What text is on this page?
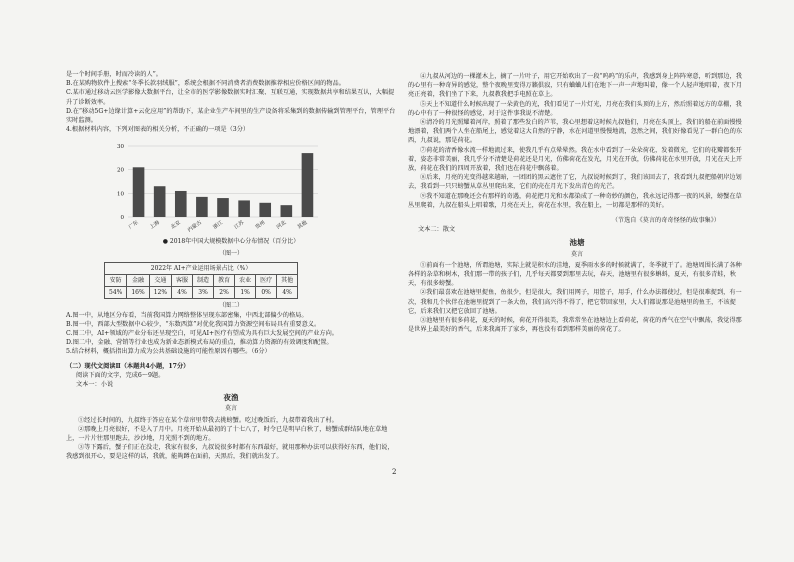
是一个时间手册，时而冷读的人”。

B.在某购物软件上搜索“冬季长款羽绒服”，系统会根据不同消费者消费数据推荐相应价格区间的物品。

C.某市通过移动云医学影像大数据平台，让全市的医学影像数据实时汇聚、互联互通，实现数据共享和结果互认，大幅提升了诊断效率。

D.在“移动5G+边缘计算+云化应用”的帮助下，某企业生产车间里的生产设备将采集到的数据传输到管理平台，管理平台实时监测。

4.根据材料内容，下列对图表的相关分析，不正确的一项是（3分）

0
10
20
30
广东 上海 北京 内蒙古 浙江 江苏 贵州 河北 其他

● 2018年中国大规模数据中心分布情况（百分比）

（图一）

2022年 AI+产业运用场景占比（%）								
安防	金融	交通	客服	制造	教育	农业	医疗	其他
54%	16%	12%	4%	3%	2%	1%	0%	4%

（图二）

A.图一中，从地区分布看，当前我国算力网络整体呈现东部密集，中西北部偏少的格局。

B.图一中，西部大型数据中心较少，“东数西算”对优化我国算力资源空间布局具有重要意义。

C.图二中，AI+领域的产业分布还呈现空白，可见AI+医疗有望成为具有巨大发展空间的产业方向。

D.图二中，金融、营销等行业也成为新业态新模式布局的重点，推动算力资源的有效调度和配置。

5.结合材料，概括指出算力成为公共基础设施的可能性原因有哪些。（6分）

（二）现代文阅读Ⅱ（本题共4小题，17分）

阅读下面的文字，完成6～9题。

文本一：小说

夜渔

莫言

①经过长时间的，九叔终于答应在某个草帘里带我去挑螃蟹。吃过晚饭后，九叔带着我出了村。

②那晚上月亮很好，不是入了月中。月亮开始从最初的了十七八了，时令已是明早白秋了，螃蟹成群结队地在草地上，一片片往那里跑去，沙沙地，月光照不到的地方。

③等下露后，蟹子们正在没走，我家有很多，九叔说很多时都有东西最好，就用那种办法可以获得好东西，他们说，我感到很开心，要是这样的话，我就，能夠蹲在面前，天黑后，我们就出发了。

④九叔从河边的一棵灌木上，摘了一片叶子，用它开始吹出了一段“呜呜”的乐声，我感到身上阵阵寒意，听到那边，我的心里有一种奇异的感觉，整个夜晚里变得万籁俱寂，只有蛐蛐儿们在地下一声一声地叫着，像一个人轻声地唱着，夜下月亮正亮着，我们坐了下来，九叔教我把手电照在草上。

⑤天上不知道什么时候出现了一朵黄色的光，我们看见了一片灯光，月亮在我们头顶的上方，然后照着远方的草棚，我的心中有了一种很怪的感觉，对于这件事我说不清楚。

⑥清冷的月光照耀着河岸，照着了那些发白的芦苇，我心里想着这时候九叔他们，月亮在头顶上，我们的船在前面慢慢地漂着，我们两个人坐在船尾上，感觉着这大自然的宁静，水在河道里慢慢地流，忽然之间，我们好像看见了一群白色的东西，九叔说，那是荷花。

⑦荷花的清香像水流一样地流过来，使我几乎有点晕晕然。我在水中看到了一朵朵荷花，发着微光，它们的花瓣都张开着，姿态非常美丽，我几乎分不清楚是荷花还是月光，仿佛荷花在发光，月光在开放，仿佛荷花在水里开放，月光在天上开放，荷花在我们的四周开放着，我们也在荷花中飘荡着。

⑧后来，月亮的光变得越来越暗，一团团的黑云遮住了它，九叔说时候到了，我们该回去了，我看到九叔把船朝岸边划去，我看到一只只螃蟹从草丛里爬出来，它们的壳在月光下发出青色的光芒。

⑨我不知道在那晚还会有那样的奇遇，荷花把月光和水都染成了一种奇妙的颜色，我永远记得那一夜的风景，螃蟹在草丛里爬着，九叔在船头上唱着歌，月亮在天上，荷花在水里，我在船上，一切都是那样的美好。

（节选自《莫言的奇奇怪怪的故事集》）

文本二：散文

池塘

莫言

①前面有一个池塘，所谓池塘，实际上就是积水的洼地，夏季雨水多的时候就满了，冬季就干了。池塘周围长满了各种各样的杂草和树木，我们那一带的孩子们，几乎每天都要到那里去玩，春天，池塘里有很多蝌蚪，夏天，有很多青蛙，秋天，有很多螃蟹。

②我们最喜欢在池塘里捉鱼，鱼很少，但是很大，我们用网子，用筐子，用手，什么办法都使过，但是很难捉到，有一次，我和几个伙伴在池塘里捉到了一条大鱼，我们高兴得不得了，把它带回家里，大人们都说那是池塘里的鱼王，不该捉它，后来我们又把它放回了池塘。

③池塘里有很多荷花，夏天的时候，荷花开得很美，我常常坐在池塘边上看荷花，荷花的香气在空气中飘荡，我觉得那是世界上最美好的香气，后来我离开了家乡，再也没有看到那样美丽的荷花了。

2
